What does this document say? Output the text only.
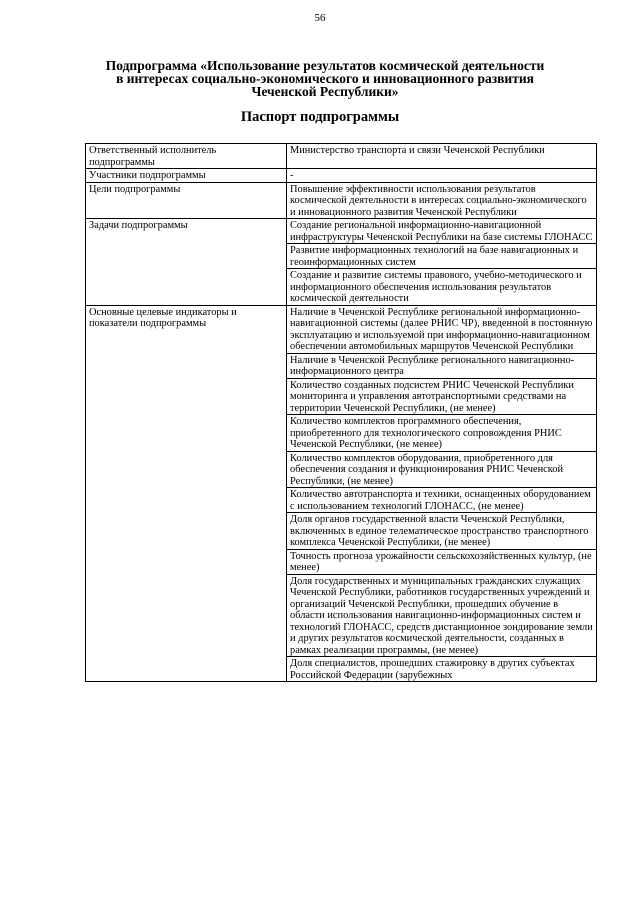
56
Подпрограмма «Использование результатов космической деятельности
в интересах социально-экономического и инновационного развития
Чеченской Республики»
Паспорт подпрограммы
Ответственный исполнитель подпрограммы	Министерство транспорта и связи Чеченской Республики
Участники подпрограммы	-
Цели подпрограммы	Повышение эффективности использования результатов космической деятельности в интересах социально-экономического и инновационного развития Чеченской Республики
Задачи подпрограммы	Создание региональной информационно-навигационной инфраструктуры Чеченской Республики на базе системы ГЛОНАСС
	Развитие информационных технологий на базе навигационных и геоинформационных систем
	Создание и развитие системы правового, учебно-методического и информационного обеспечения использования результатов космической деятельности
Основные целевые индикаторы и показатели подпрограммы	Наличие в Чеченской Республике региональной информационно-навигационной системы (далее РНИС ЧР), введенной в постоянную эксплуатацию и используемой при информационно-навигационном обеспечении автомобильных маршрутов Чеченской Республики
	Наличие в Чеченской Республике регионального навигационно-информационного центра
	Количество созданных подсистем РНИС Чеченской Республики мониторинга и управления автотранспортными средствами на территории Чеченской Республики, (не менее)
	Количество комплектов программного обеспечения, приобретенного для технологического сопровождения РНИС Чеченской Республики, (не менее)
	Количество комплектов оборудования, приобретенного для обеспечения создания и функционирования РНИС Чеченской Республики, (не менее)
	Количество автотранспорта и техники, оснащенных оборудованием с использованием технологий ГЛОНАСС, (не менее)
	Доля органов государственной власти Чеченской Республики, включенных в единое телематическое пространство транспортного комплекса Чеченской Республики, (не менее)
	Точность прогноза урожайности сельскохозяйственных культур, (не менее)
	Доля государственных и муниципальных гражданских служащих Чеченской Республики, работников государственных учреждений и организаций Чеченской Республики, прошедших обучение в области использования навигационно-информационных систем и технологий ГЛОНАСС, средств дистанционное зондирование земли и других результатов космической деятельности, созданных в рамках реализации программы, (не менее)
	Доля специалистов, прошедших стажировку в других субъектах Российской Федерации (зарубежных
